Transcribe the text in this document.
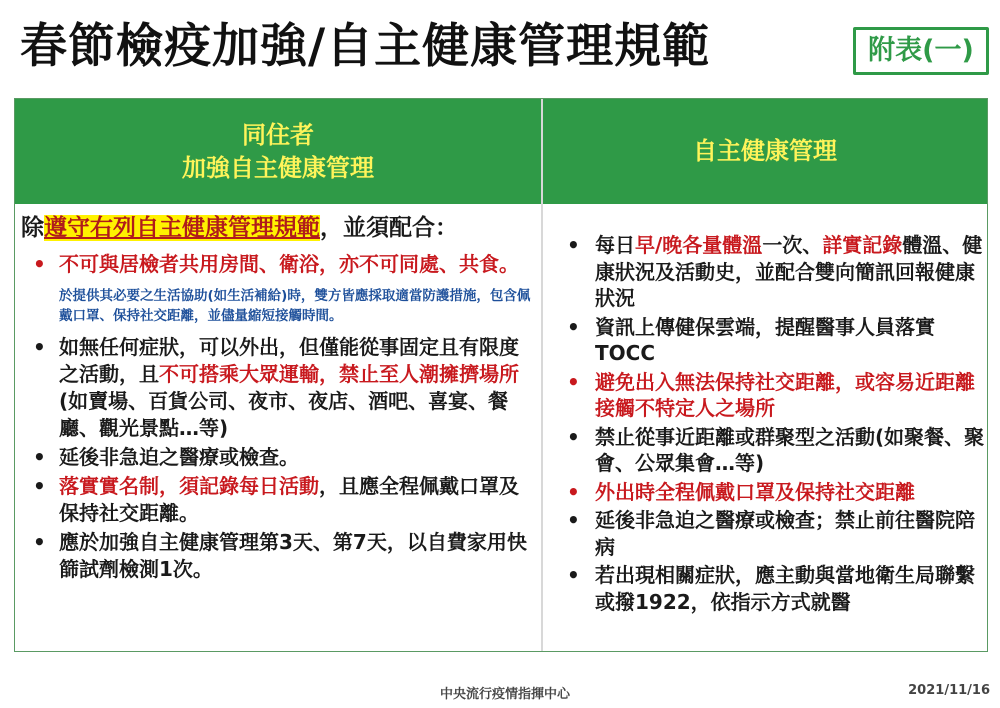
春節檢疫加強/自主健康管理規範	附表(一)
同住者
加強自主健康管理
自主健康管理
除遵守右列自主健康管理規範，並須配合：
• 不可與居檢者共用房間、衛浴，亦不可同處、共食。
於提供其必要之生活協助(如生活補給)時，雙方皆應採取適當防護措施，包含佩戴口罩、保持社交距離，並儘量縮短接觸時間。
• 如無任何症狀，可以外出，但僅能從事固定且有限度之活動，且不可搭乘大眾運輸，禁止至人潮擁擠場所(如賣場、百貨公司、夜市、夜店、酒吧、喜宴、餐廳、觀光景點…等)
• 延後非急迫之醫療或檢查。
• 落實實名制，須記錄每日活動，且應全程佩戴口罩及保持社交距離。
• 應於加強自主健康管理第3天、第7天，以自費家用快篩試劑檢測1次。
• 每日早/晚各量體溫一次、詳實記錄體溫、健康狀況及活動史，並配合雙向簡訊回報健康狀況
• 資訊上傳健保雲端，提醒醫事人員落實TOCC
• 避免出入無法保持社交距離，或容易近距離接觸不特定人之場所
• 禁止從事近距離或群聚型之活動(如聚餐、聚會、公眾集會…等)
• 外出時全程佩戴口罩及保持社交距離
• 延後非急迫之醫療或檢查；禁止前往醫院陪病
• 若出現相關症狀，應主動與當地衛生局聯繫或撥1922，依指示方式就醫
中央流行疫情指揮中心	2021/11/16
